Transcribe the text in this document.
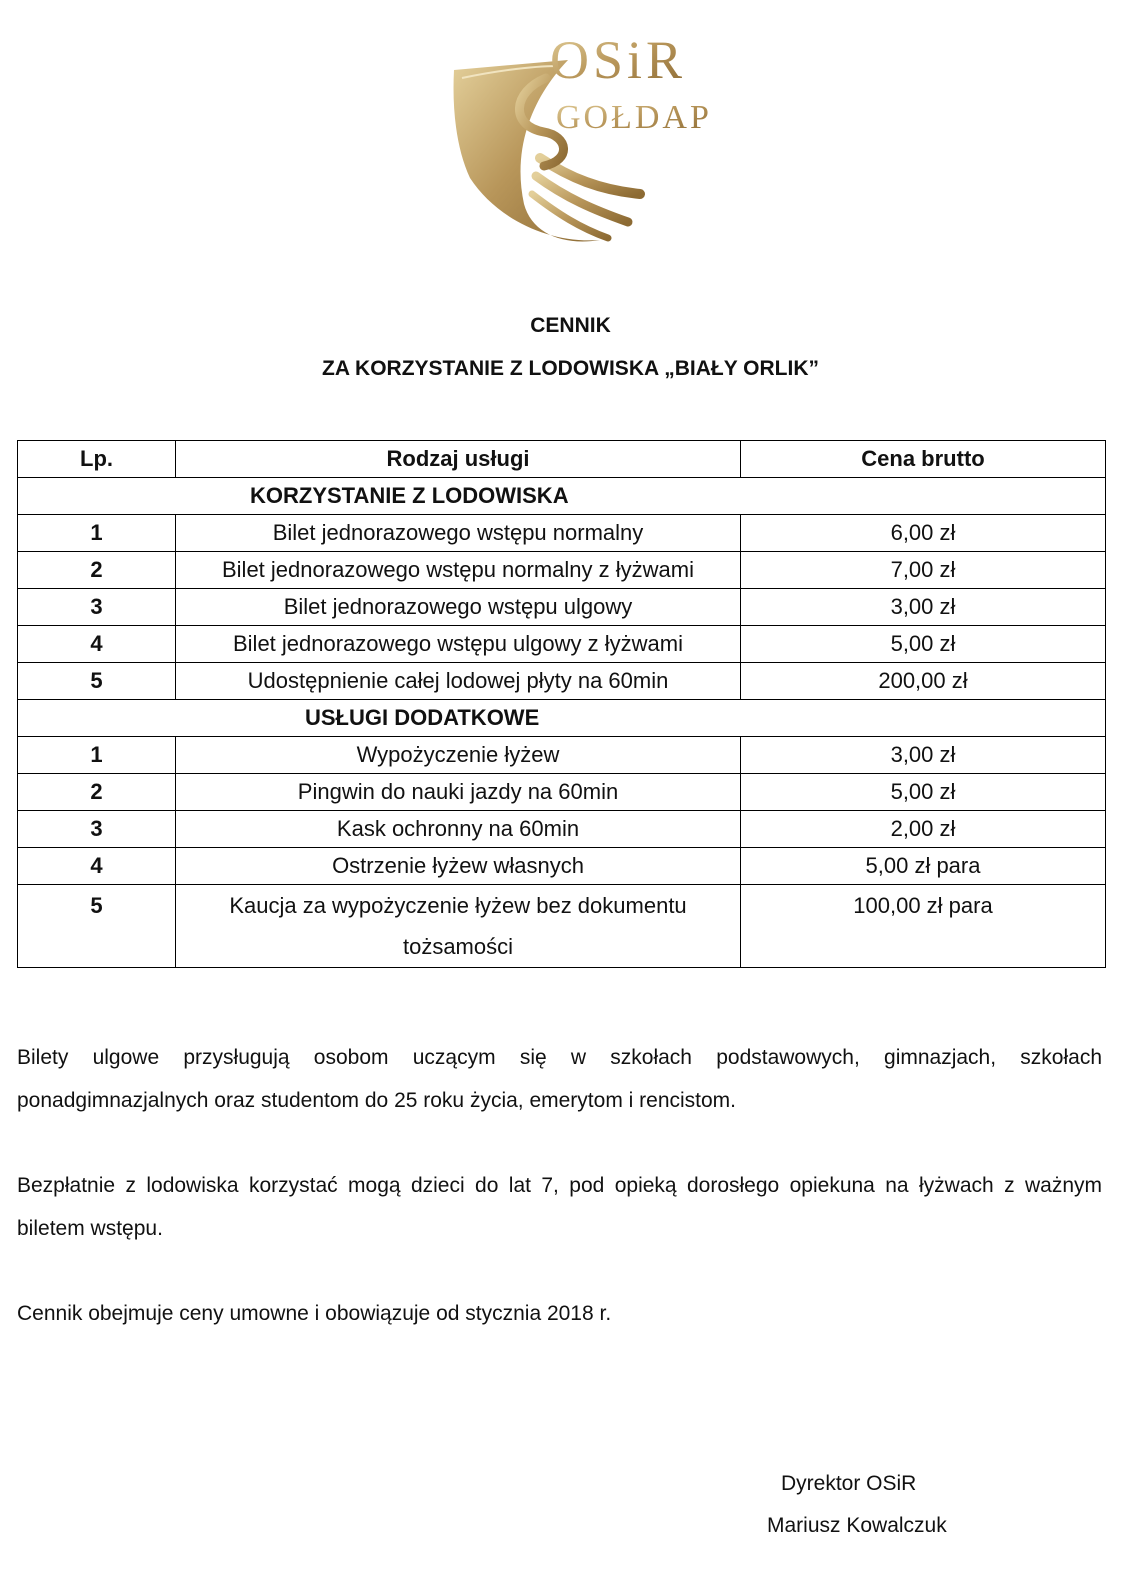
OSiR
GOŁDAP
CENNIK
ZA KORZYSTANIE Z LODOWISKA „BIAŁY ORLIK”
Lp.	Rodzaj usługi	Cena brutto
KORZYSTANIE Z LODOWISKA		
1	Bilet jednorazowego wstępu normalny	6,00 zł
2	Bilet jednorazowego wstępu normalny z łyżwami	7,00 zł
3	Bilet jednorazowego wstępu ulgowy	3,00 zł
4	Bilet jednorazowego wstępu ulgowy z łyżwami	5,00 zł
5	Udostępnienie całej lodowej płyty na 60min	200,00 zł
USŁUGI DODATKOWE		
1	Wypożyczenie łyżew	3,00 zł
2	Pingwin do nauki jazdy na 60min	5,00 zł
3	Kask ochronny na 60min	2,00 zł
4	Ostrzenie łyżew własnych	5,00 zł para
5	Kaucja za wypożyczenie łyżew bez dokumentu tożsamości	100,00 zł para
Bilety ulgowe przysługują osobom uczącym się w szkołach podstawowych, gimnazjach, szkołach ponadgimnazjalnych oraz studentom do 25 roku życia, emerytom i rencistom.
Bezpłatnie z lodowiska korzystać mogą dzieci do lat 7, pod opieką dorosłego opiekuna na łyżwach z ważnym biletem wstępu.
Cennik obejmuje ceny umowne i obowiązuje od stycznia 2018 r.
Dyrektor OSiR
Mariusz Kowalczuk
